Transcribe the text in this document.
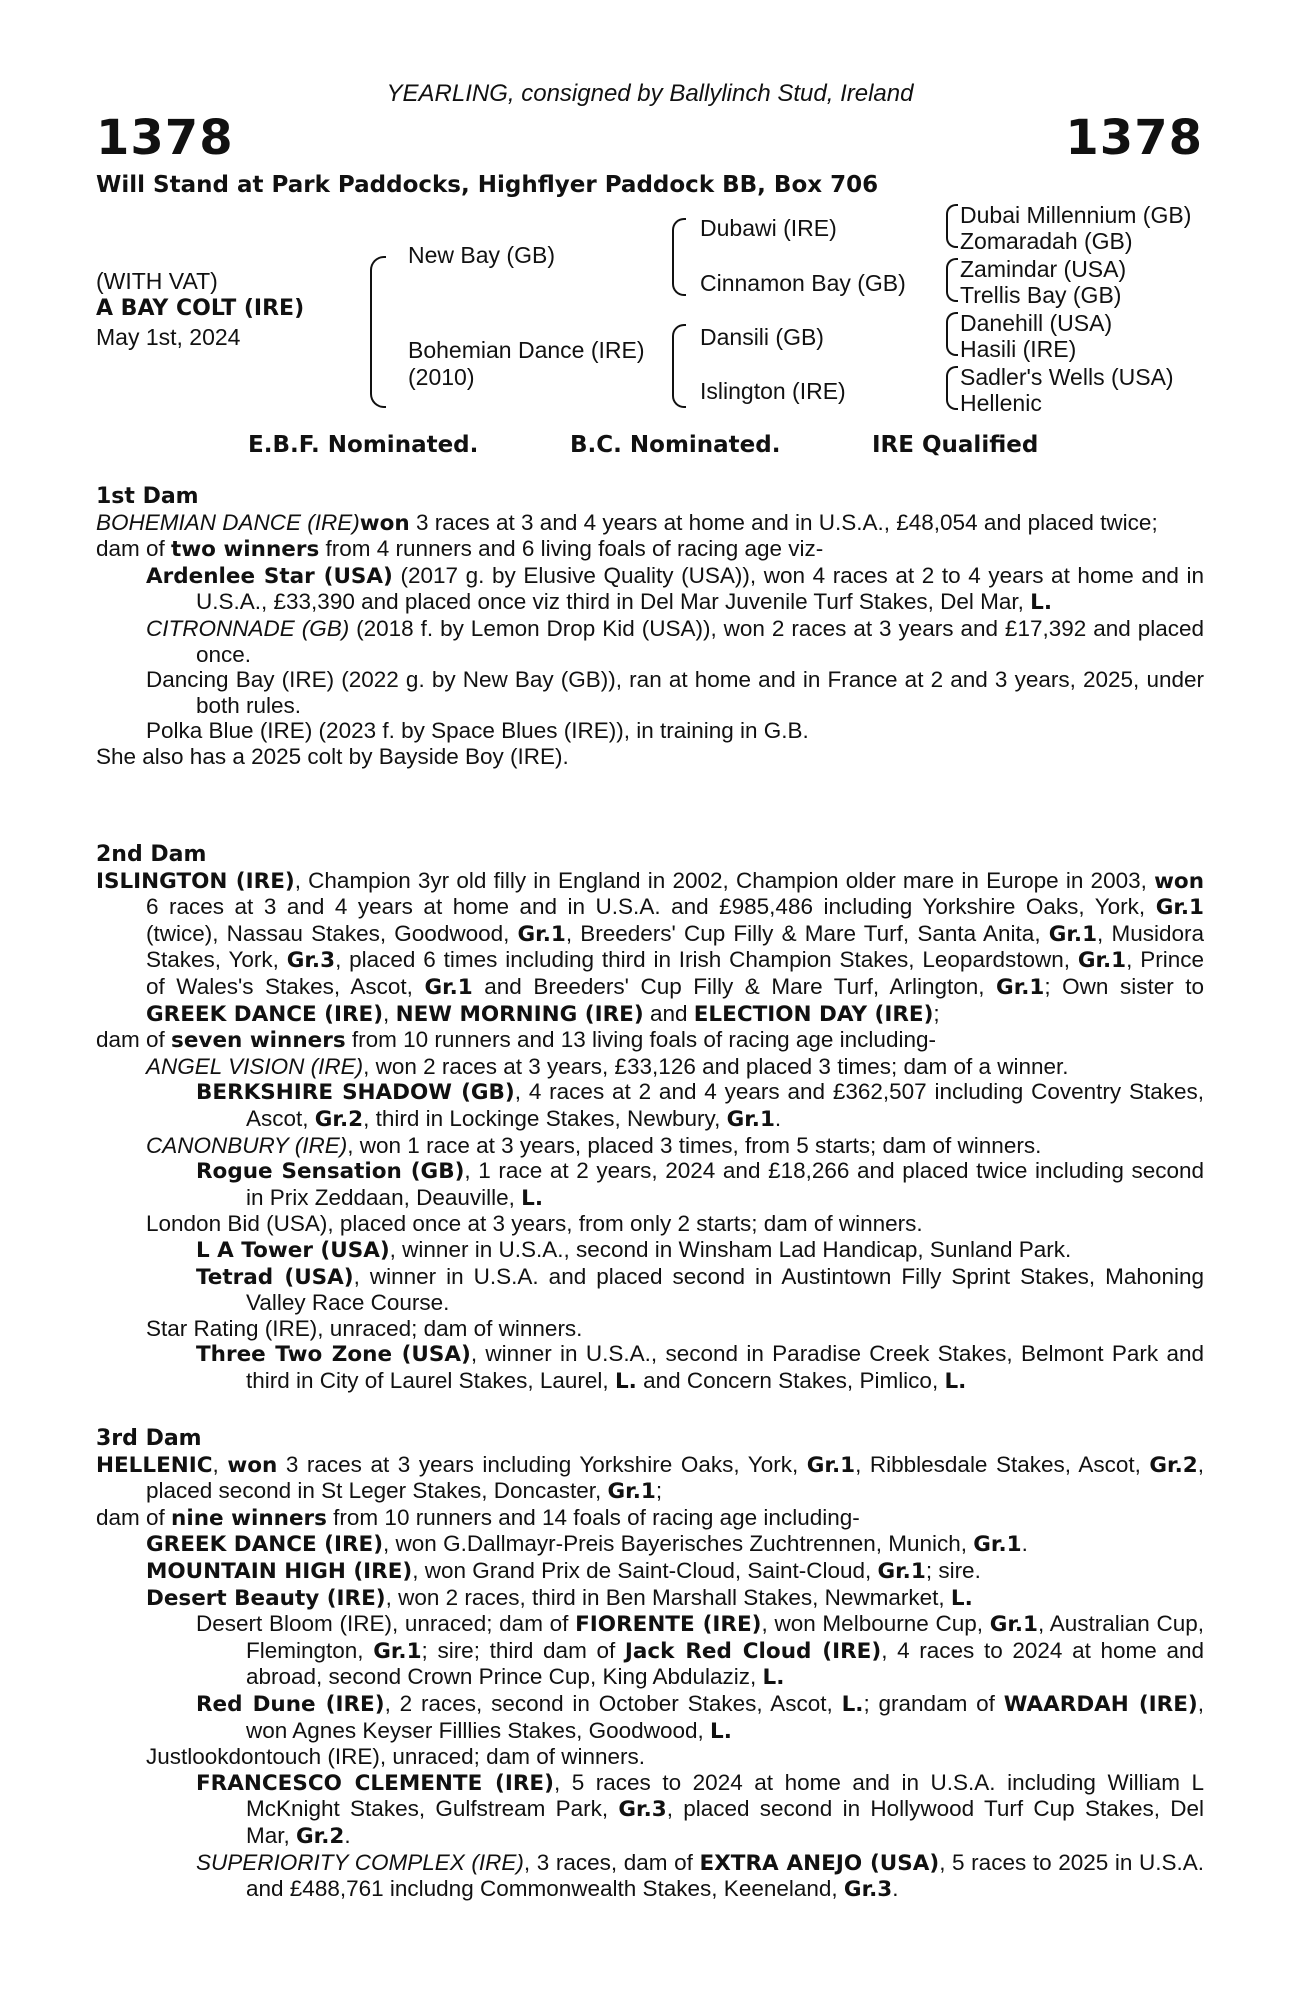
YEARLING, consigned by Ballylinch Stud, Ireland
1378	1378
Will Stand at Park Paddocks, Highflyer Paddock BB, Box 706
(WITH VAT)
A BAY COLT (IRE)
May 1st, 2024
New Bay (GB)
Bohemian Dance (IRE)
(2010)
Dubawi (IRE)
Cinnamon Bay (GB)
Dansili (GB)
Islington (IRE)
Dubai Millennium (GB)
Zomaradah (GB)
Zamindar (USA)
Trellis Bay (GB)
Danehill (USA)
Hasili (IRE)
Sadler's Wells (USA)
Hellenic
E.B.F. Nominated.	B.C. Nominated.	IRE Qualified

1st Dam

BOHEMIAN DANCE (IRE)won 3 races at 3 and 4 years at home and in U.S.A., £48,054 and placed twice;

dam of two winners from 4 runners and 6 living foals of racing age viz-

Ardenlee Star (USA) (2017 g. by Elusive Quality (USA)), won 4 races at 2 to 4 years at home and in U.S.A., £33,390 and placed once viz third in Del Mar Juvenile Turf Stakes, Del Mar, L.

CITRONNADE (GB) (2018 f. by Lemon Drop Kid (USA)), won 2 races at 3 years and £17,392 and placed once.

Dancing Bay (IRE) (2022 g. by New Bay (GB)), ran at home and in France at 2 and 3 years, 2025, under both rules.

Polka Blue (IRE) (2023 f. by Space Blues (IRE)), in training in G.B.

She also has a 2025 colt by Bayside Boy (IRE).

2nd Dam

ISLINGTON (IRE), Champion 3yr old filly in England in 2002, Champion older mare in Europe in 2003, won 6 races at 3 and 4 years at home and in U.S.A. and £985,486 including Yorkshire Oaks, York, Gr.1 (twice), Nassau Stakes, Goodwood, Gr.1, Breeders' Cup Filly & Mare Turf, Santa Anita, Gr.1, Musidora Stakes, York, Gr.3, placed 6 times including third in Irish Champion Stakes, Leopardstown, Gr.1, Prince of Wales's Stakes, Ascot, Gr.1 and Breeders' Cup Filly & Mare Turf, Arlington, Gr.1; Own sister to GREEK DANCE (IRE), NEW MORNING (IRE) and ELECTION DAY (IRE);

dam of seven winners from 10 runners and 13 living foals of racing age including-

ANGEL VISION (IRE), won 2 races at 3 years, £33,126 and placed 3 times; dam of a winner.

BERKSHIRE SHADOW (GB), 4 races at 2 and 4 years and £362,507 including Coventry Stakes, Ascot, Gr.2, third in Lockinge Stakes, Newbury, Gr.1.

CANONBURY (IRE), won 1 race at 3 years, placed 3 times, from 5 starts; dam of winners.

Rogue Sensation (GB), 1 race at 2 years, 2024 and £18,266 and placed twice including second in Prix Zeddaan, Deauville, L.

London Bid (USA), placed once at 3 years, from only 2 starts; dam of winners.

L A Tower (USA), winner in U.S.A., second in Winsham Lad Handicap, Sunland Park.

Tetrad (USA), winner in U.S.A. and placed second in Austintown Filly Sprint Stakes, Mahoning Valley Race Course.

Star Rating (IRE), unraced; dam of winners.

Three Two Zone (USA), winner in U.S.A., second in Paradise Creek Stakes, Belmont Park and third in City of Laurel Stakes, Laurel, L. and Concern Stakes, Pimlico, L.

3rd Dam

HELLENIC, won 3 races at 3 years including Yorkshire Oaks, York, Gr.1, Ribblesdale Stakes, Ascot, Gr.2, placed second in St Leger Stakes, Doncaster, Gr.1;

dam of nine winners from 10 runners and 14 foals of racing age including-

GREEK DANCE (IRE), won G.Dallmayr-Preis Bayerisches Zuchtrennen, Munich, Gr.1.

MOUNTAIN HIGH (IRE), won Grand Prix de Saint-Cloud, Saint-Cloud, Gr.1; sire.

Desert Beauty (IRE), won 2 races, third in Ben Marshall Stakes, Newmarket, L.

Desert Bloom (IRE), unraced; dam of FIORENTE (IRE), won Melbourne Cup, Gr.1, Australian Cup, Flemington, Gr.1; sire; third dam of Jack Red Cloud (IRE), 4 races to 2024 at home and abroad, second Crown Prince Cup, King Abdulaziz, L.

Red Dune (IRE), 2 races, second in October Stakes, Ascot, L.; grandam of WAARDAH (IRE), won Agnes Keyser Filllies Stakes, Goodwood, L.

Justlookdontouch (IRE), unraced; dam of winners.

FRANCESCO CLEMENTE (IRE), 5 races to 2024 at home and in U.S.A. including William L McKnight Stakes, Gulfstream Park, Gr.3, placed second in Hollywood Turf Cup Stakes, Del Mar, Gr.2.

SUPERIORITY COMPLEX (IRE), 3 races, dam of EXTRA ANEJO (USA), 5 races to 2025 in U.S.A. and £488,761 includng Commonwealth Stakes, Keeneland, Gr.3.
